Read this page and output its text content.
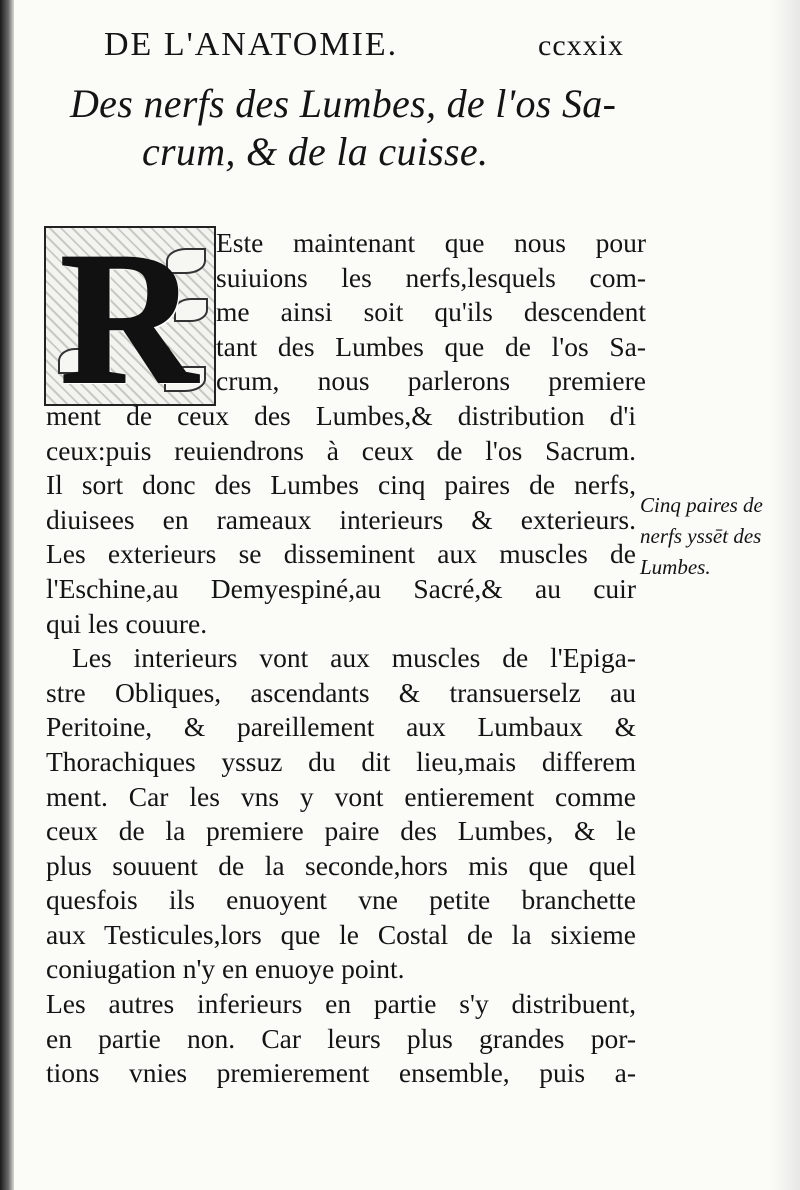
DE L'ANATOMIE.	ccxxix
Des nerfs des Lumbes, de l'os Sa-
crum, & de la cuisse.
R Este maintenant que nous pour
suiuions les nerfs,lesquels com-
me ainsi soit qu'ils descendent
tant des Lumbes que de l'os Sa-
crum, nous parlerons premiere
ment de ceux des Lumbes,& distribution d'i
ceux:puis reuiendrons à ceux de l'os Sacrum.
Il sort donc des Lumbes cinq paires de nerfs,
diuisees en rameaux interieurs & exterieurs.
Les exterieurs se disseminent aux muscles de
l'Eschine,au Demyespiné,au Sacré,& au cuir
qui les couure.
Les interieurs vont aux muscles de l'Epiga-
stre Obliques, ascendants & transuerselz au
Peritoine, & pareillement aux Lumbaux &
Thorachiques yssuz du dit lieu,mais differem
ment. Car les vns y vont entierement comme
ceux de la premiere paire des Lumbes, & le
plus souuent de la seconde,hors mis que quel
quesfois ils enuoyent vne petite branchette
aux Testicules,lors que le Costal de la sixieme
coniugation n'y en enuoye point.
Les autres inferieurs en partie s'y distribuent,
en partie non. Car leurs plus grandes por-
tions vnies premierement ensemble, puis a-
Cinq paires de
nerfs yssēt des
Lumbes.
